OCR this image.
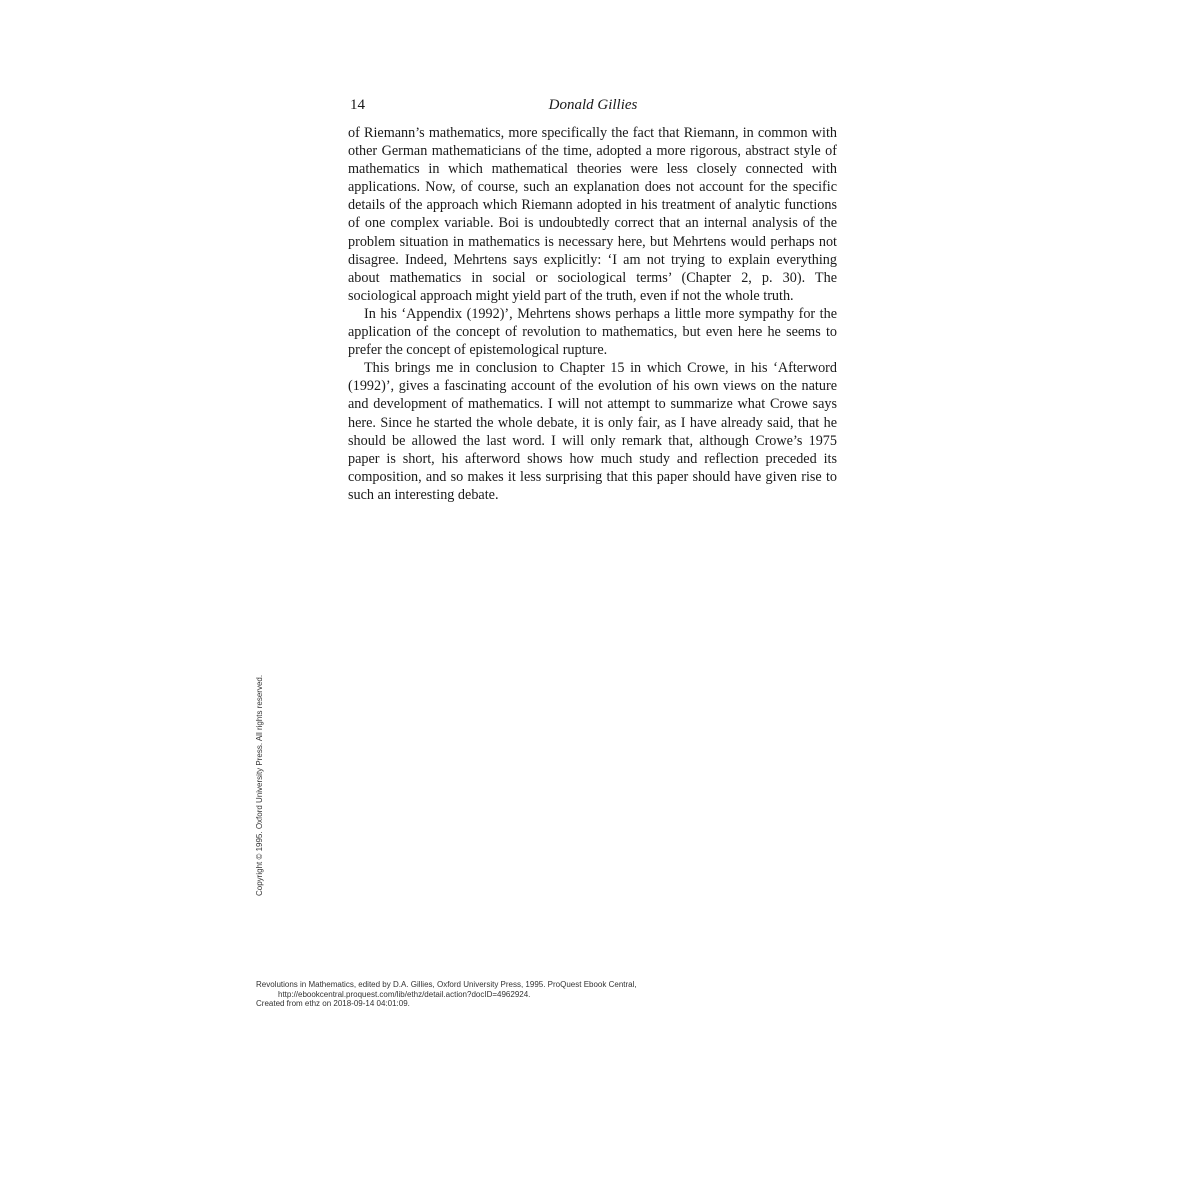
14	Donald Gillies

of Riemann’s mathematics, more specifically the fact that Riemann, in common with other German mathematicians of the time, adopted a more rigorous, abstract style of mathematics in which mathematical theories were less closely connected with applications. Now, of course, such an explanation does not account for the specific details of the approach which Riemann adopted in his treatment of analytic functions of one complex variable. Boi is undoubtedly correct that an internal analysis of the problem situation in mathematics is necessary here, but Mehrtens would perhaps not disagree. Indeed, Mehrtens says explicitly: ‘I am not trying to explain everything about mathematics in social or sociological terms’ (Chapter 2, p. 30). The sociological approach might yield part of the truth, even if not the whole truth.

In his ‘Appendix (1992)’, Mehrtens shows perhaps a little more sympathy for the application of the concept of revolution to mathematics, but even here he seems to prefer the concept of epistemological rupture.

This brings me in conclusion to Chapter 15 in which Crowe, in his ‘Afterword (1992)’, gives a fascinating account of the evolution of his own views on the nature and development of mathematics. I will not attempt to summarize what Crowe says here. Since he started the whole debate, it is only fair, as I have already said, that he should be allowed the last word. I will only remark that, although Crowe’s 1975 paper is short, his afterword shows how much study and reflection preceded its composition, and so makes it less surprising that this paper should have given rise to such an interesting debate.

Copyright © 1995. Oxford University Press. All rights reserved.
Revolutions in Mathematics, edited by D.A. Gillies, Oxford University Press, 1995. ProQuest Ebook Central,
http://ebookcentral.proquest.com/lib/ethz/detail.action?docID=4962924.
Created from ethz on 2018-09-14 04:01:09.
